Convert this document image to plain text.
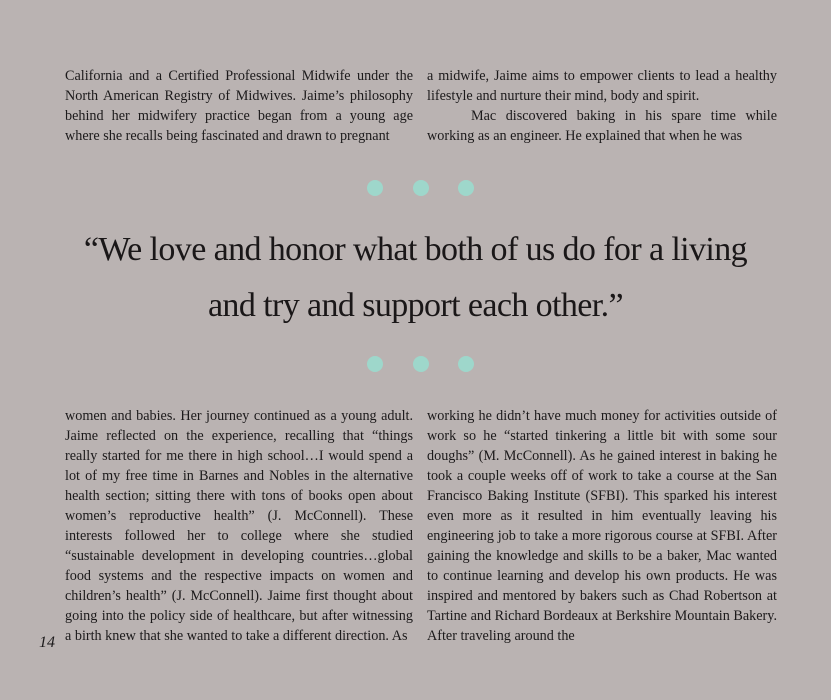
California and a Certified Professional Midwife under the North American Registry of Midwives. Jaime’s philosophy behind her midwifery practice began from a young age where she recalls being fascinated and drawn to pregnant

a midwife, Jaime aims to empower clients to lead a healthy lifestyle and nurture their mind, body and spirit.

Mac discovered baking in his spare time while working as an engineer. He explained that when he was

“We love and honor what both of us do for a living
and try and support each other.”

women and babies. Her journey continued as a young adult. Jaime reflected on the experience, recalling that “things really started for me there in high school…I would spend a lot of my free time in Barnes and Nobles in the alternative health section; sitting there with tons of books open about women’s reproductive health” (J. McConnell). These interests followed her to college where she studied “sustainable development in developing countries…global food systems and the respective impacts on women and children’s health” (J. McConnell). Jaime first thought about going into the policy side of healthcare, but after witnessing a birth knew that she wanted to take a different direction. As

working he didn’t have much money for activities outside of work so he “started tinkering a little bit with some sour doughs” (M. McConnell). As he gained interest in baking he took a couple weeks off of work to take a course at the San Francisco Baking Institute (SFBI). This sparked his interest even more as it resulted in him eventually leaving his engineering job to take a more rigorous course at SFBI. After gaining the knowledge and skills to be a baker, Mac wanted to continue learning and develop his own products. He was inspired and mentored by bakers such as Chad Robertson at Tartine and Richard Bordeaux at Berkshire Mountain Bakery. After traveling around the

14
